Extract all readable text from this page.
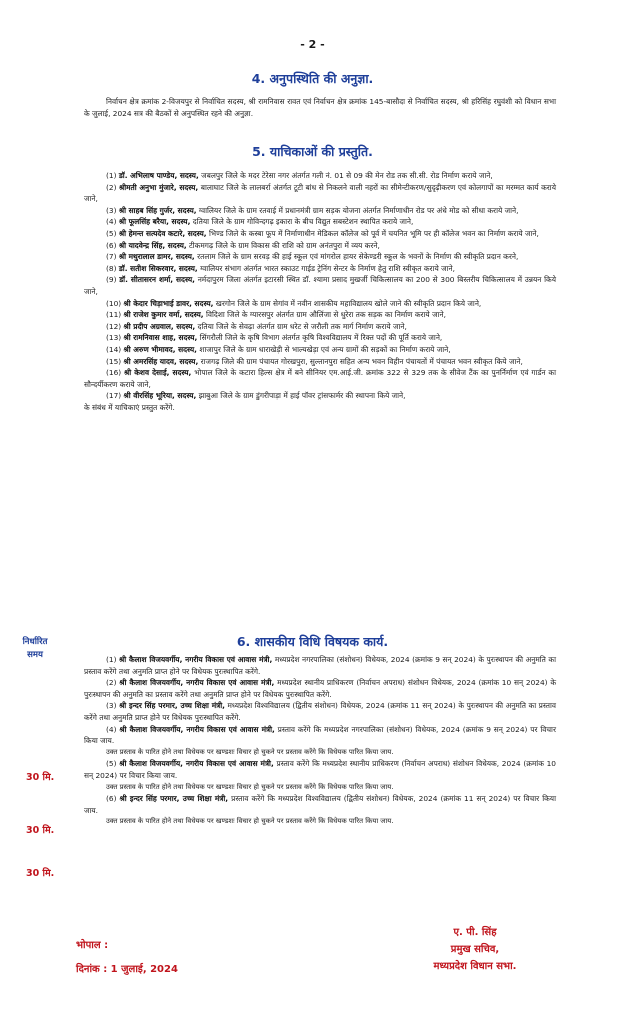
- 2 -
4. अनुपस्थिति की अनुज्ञा.

निर्वाचन क्षेत्र क्रमांक 2-विजयपुर से निर्वाचित सदस्य, श्री रामनिवास रावत एवं निर्वाचन क्षेत्र क्रमांक 145-बासौदा से निर्वाचित सदस्य, श्री हरिसिंह रघुवंशी को विधान सभा के जुलाई, 2024 सत्र की बैठकों से अनुपस्थित रहने की अनुज्ञा.

5. याचिकाओं की प्रस्तुति.

(1) डॉ. अभिलाष पाण्डेय, सदस्य, जबलपुर जिले के मदर टेरेसा नगर अंतर्गत गली नं. 01 से 09 की मेन रोड तक सी.सी. रोड निर्माण कराये जाने,

(2) श्रीमती अनुभा मुंजारे, सदस्य, बालाघाट जिले के लालबर्रा अंतर्गत टूटी बांध से निकलने वाली नहरों का सीमेन्टीकरण/सुदृढ़ीकरण एवं कोलगापों का मरम्मत कार्य कराये जाने,

(3) श्री साहब सिंह गुर्जर, सदस्य, ग्वालियर जिले के ग्राम रतवाई में प्रधानमंत्री ग्राम सड़क योजना अंतर्गत निर्माणाधीन रोड पर अंधे मोड को सीधा कराये जाने,

(4) श्री फूलसिंह बरैया, सदस्य, दतिया जिले के ग्राम गोविन्दगढ़ इकारा के बीच विद्युत सबस्टेशन स्थापित कराये जाने,

(5) श्री हेमन्त सत्यदेव कटारे, सदस्य, भिण्ड जिले के कस्बा फूप में निर्माणाधीन मेडिकल कॉलेज को पूर्व में चयनित भूमि पर ही कॉलेज भवन का निर्माण कराये जाने,

(6) श्री यादवेन्द्र सिंह, सदस्य, टीकमगढ़ जिले के ग्राम विकास की राशि को ग्राम अनंतपुरा में व्यय करने,

(7) श्री मथुरालाल डामर, सदस्य, रतलाम जिले के ग्राम सरवड़ की हाई स्कूल एवं मांगरोल हायर सेकेण्डरी स्कूल के भवनों के निर्माण की स्वीकृति प्रदान करने,

(8) डॉ. सतीश सिकरवार, सदस्य, ग्वालियर संभाग अंतर्गत भारत स्काउट गाईड ट्रेनिंग सेन्टर के निर्माण हेतु राशि स्वीकृत कराये जाने,

(9) डॉ. सीतासरन शर्मा, सदस्य, नर्मदापुरम जिला अंतर्गत इटारसी स्थित डॉ. श्यामा प्रसाद मुखर्जी चिकित्सालय का 200 से 300 बिस्तरीय चिकित्सालय में उन्नयन किये जाने,

(10) श्री केदार चिड़ाभाई डावर, सदस्य, खरगोन जिले के ग्राम सेगांव में नवीन शासकीय महाविद्यालय खोले जाने की स्वीकृति प्रदान किये जाने,

(11) श्री राजेश कुमार वर्मा, सदस्य, विदिशा जिले के ग्यारसपुर अंतर्गत ग्राम औलिंजा से धुरेरा तक सड़क का निर्माण कराये जाने,

(12) श्री प्रदीप अग्रवाल, सदस्य, दतिया जिले के सेवढ़ा अंतर्गत ग्राम धरेट से जरौली तक मार्ग निर्माण कराये जाने,

(13) श्री रामनिवास शाह, सदस्य, सिंगरौली जिले के कृषि विभाग अंतर्गत कृषि विश्वविद्यालय में रिक्त पदों की पूर्ति कराये जाने,

(14) श्री अरुण भीमावद, सदस्य, शाजापुर जिले के ग्राम धाराखेड़ी से भाल्यखेड़ा एवं अन्य ग्रामों की सड़कों का निर्माण कराये जाने,

(15) श्री अमरसिंह यादव, सदस्य, राजगढ़ जिले की ग्राम पंचायत गोरखपुरा, सुल्तानपुरा सहित अन्य भवन विहीन पंचायतों में पंचायत भवन स्वीकृत किये जाने,

(16) श्री केशव देसाई, सदस्य, भोपाल जिले के कटारा हिल्स क्षेत्र में बने सीनियर एम.आई.जी. क्रमांक 322 से 329 तक के सीवेज टैंक का पुनर्निर्माण एवं गार्डन का सौन्दर्यीकरण कराये जाने,

(17) श्री वीरसिंह भूरिया, सदस्य, झाबुआ जिले के ग्राम डुंगरीपाड़ा में हाई पॉवर ट्रांसफार्मर की स्थापना किये जाने,

के संबंध में याचिकाएं प्रस्तुत करेंगे.

निर्धारित समय
6. शासकीय विधि विषयक कार्य.

(1) श्री कैलाश विजयवर्गीय, नगरीय विकास एवं आवास मंत्री, मध्यप्रदेश नगरपालिका (संशोधन) विधेयक, 2024 (क्रमांक 9 सन् 2024) के पुरःस्थापन की अनुमति का प्रस्ताव करेंगे तथा अनुमति प्राप्त होने पर विधेयक पुरःस्थापित करेंगे.

(2) श्री कैलाश विजयवर्गीय, नगरीय विकास एवं आवास मंत्री, मध्यप्रदेश स्थानीय प्राधिकरण (निर्वाचन अपराध) संशोधन विधेयक, 2024 (क्रमांक 10 सन् 2024) के पुरःस्थापन की अनुमति का प्रस्ताव करेंगे तथा अनुमति प्राप्त होने पर विधेयक पुरःस्थापित करेंगे.

(3) श्री इन्दर सिंह परमार, उच्च शिक्षा मंत्री, मध्यप्रदेश विश्वविद्यालय (द्वितीय संशोधन) विधेयक, 2024 (क्रमांक 11 सन् 2024) के पुरःस्थापन की अनुमति का प्रस्ताव करेंगे तथा अनुमति प्राप्त होने पर विधेयक पुरःस्थापित करेंगे.

(4) श्री कैलाश विजयवर्गीय, नगरीय विकास एवं आवास मंत्री, प्रस्ताव करेंगे कि मध्यप्रदेश नगरपालिका (संशोधन) विधेयक, 2024 (क्रमांक 9 सन् 2024) पर विचार किया जाय.

उक्त प्रस्ताव के पारित होने तथा विधेयक पर खण्डशः विचार हो चुकने पर प्रस्ताव करेंगे कि विधेयक पारित किया जाय.

(5) श्री कैलाश विजयवर्गीय, नगरीय विकास एवं आवास मंत्री, प्रस्ताव करेंगे कि मध्यप्रदेश स्थानीय प्राधिकरण (निर्वाचन अपराध) संशोधन विधेयक, 2024 (क्रमांक 10 सन् 2024) पर विचार किया जाय.

उक्त प्रस्ताव के पारित होने तथा विधेयक पर खण्डशः विचार हो चुकने पर प्रस्ताव करेंगे कि विधेयक पारित किया जाय.

(6) श्री इन्दर सिंह परमार, उच्च शिक्षा मंत्री, प्रस्ताव करेंगे कि मध्यप्रदेश विश्वविद्यालय (द्वितीय संशोधन) विधेयक, 2024 (क्रमांक 11 सन् 2024) पर विचार किया जाय.

उक्त प्रस्ताव के पारित होने तथा विधेयक पर खण्डशः विचार हो चुकने पर प्रस्ताव करेंगे कि विधेयक पारित किया जाय.

30 मि.
30 मि.
30 मि.
भोपाल :
दिनांक : 1 जुलाई, 2024
ए. पी. सिंह
प्रमुख सचिव,
मध्यप्रदेश विधान सभा.
